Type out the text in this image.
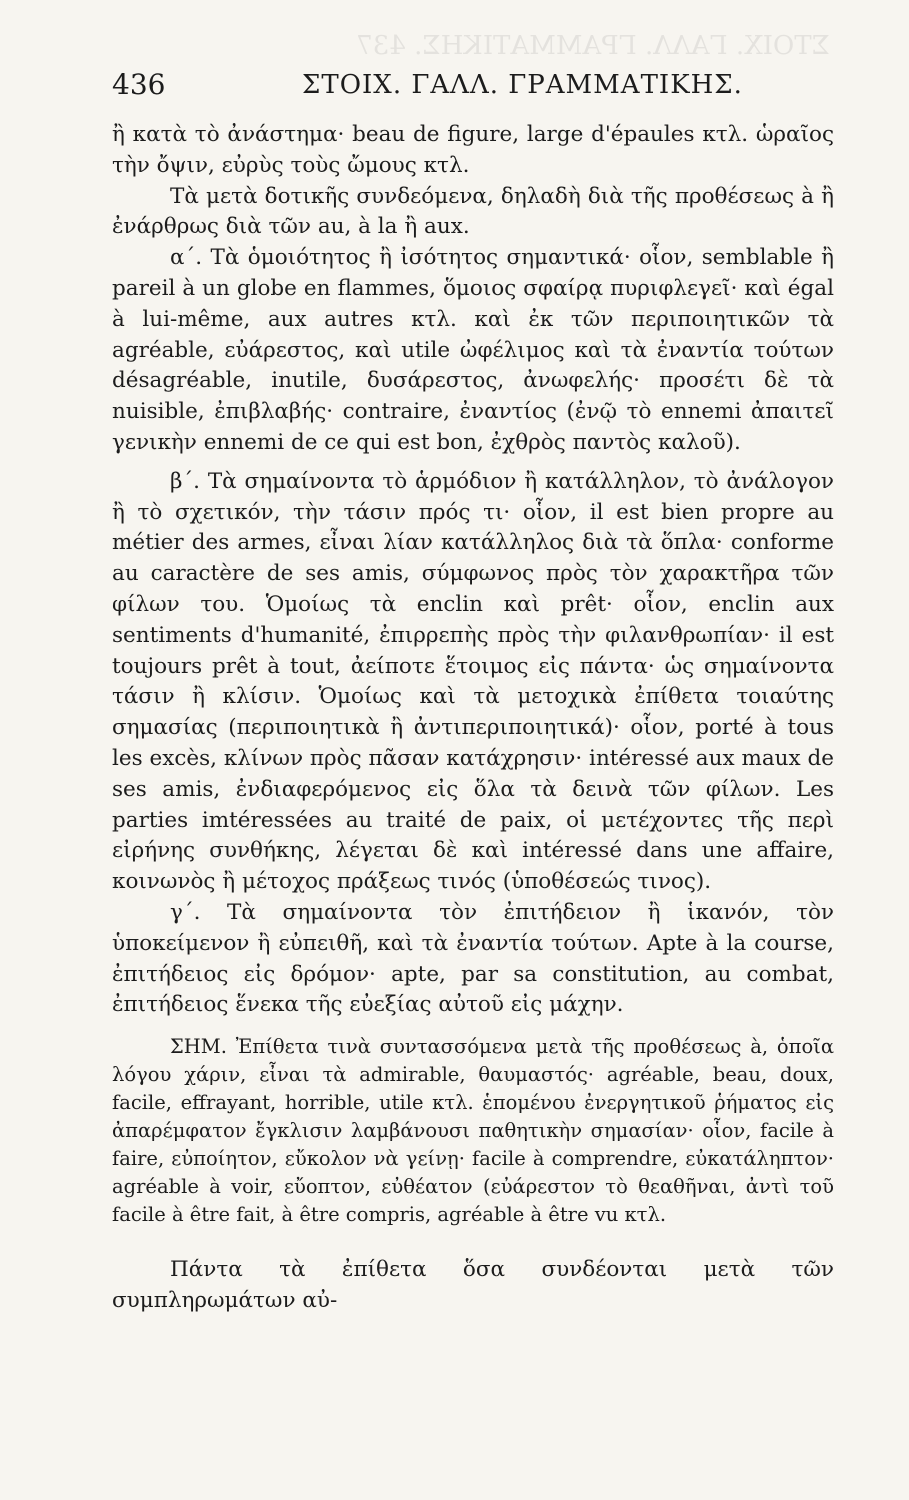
ΣΤΟΙΧ. ΓΑΛΛ. ΓΡΑΜΜΑΤΙΚΗΣ. 437
436	ΣΤΟΙΧ. ΓΑΛΛ. ΓΡΑΜΜΑΤΙΚΗΣ.

ἢ κατὰ τὸ ἀνάστημα· beau de figure, large d'épaules κτλ. ὡραῖος τὴν ὄψιν, εὐρὺς τοὺς ὤμους κτλ.

Τὰ μετὰ δοτικῆς συνδεόμενα, δηλαδὴ διὰ τῆς προθέσεως à ἢ ἐνάρθρως διὰ τῶν au, à la ἢ aux.

α΄. Τὰ ὁμοιότητος ἢ ἰσότητος σημαντικά· οἷον, semblable ἢ pareil à un globe en flammes, ὅμοιος σφαίρᾳ πυριφλεγεῖ· καὶ égal à lui-même, aux autres κτλ. καὶ ἐκ τῶν περιποιητικῶν τὰ agréable, εὐάρεστος, καὶ utile ὠφέλιμος καὶ τὰ ἐναντία τούτων désagréable, inutile, δυσάρεστος, ἀνωφελής· προσέτι δὲ τὰ nuisible, ἐπιβλαβής· contraire, ἐναντίος (ἐνῷ τὸ ennemi ἀπαιτεῖ γενικὴν ennemi de ce qui est bon, ἐχθρὸς παντὸς καλοῦ).

β΄. Τὰ σημαίνοντα τὸ ἁρμόδιον ἢ κατάλληλον, τὸ ἀνάλογον ἢ τὸ σχετικόν, τὴν τάσιν πρός τι· οἷον, il est bien propre au métier des armes, εἶναι λίαν κατάλληλος διὰ τὰ ὅπλα· conforme au caractère de ses amis, σύμφωνος πρὸς τὸν χαρακτῆρα τῶν φίλων του. Ὁμοίως τὰ enclin καὶ prêt· οἷον, enclin aux sentiments d'humanité, ἐπιρρεπὴς πρὸς τὴν φιλανθρωπίαν· il est toujours prêt à tout, ἀείποτε ἕτοιμος εἰς πάντα· ὡς σημαίνοντα τάσιν ἢ κλίσιν. Ὁμοίως καὶ τὰ μετοχικὰ ἐπίθετα τοιαύτης σημασίας (περιποιητικὰ ἢ ἀντιπεριποιητικά)· οἷον, porté à tous les excès, κλίνων πρὸς πᾶσαν κατάχρησιν· intéressé aux maux de ses amis, ἐνδιαφερόμενος εἰς ὅλα τὰ δεινὰ τῶν φίλων. Les parties imtéressées au traité de paix, οἱ μετέχοντες τῆς περὶ εἰρήνης συνθήκης, λέγεται δὲ καὶ intéressé dans une affaire, κοινωνὸς ἢ μέτοχος πράξεως τινός (ὑποθέσεώς τινος).

γ΄. Τὰ σημαίνοντα τὸν ἐπιτήδειον ἢ ἱκανόν, τὸν ὑποκείμενον ἢ εὐπειθῆ, καὶ τὰ ἐναντία τούτων. Apte à la course, ἐπιτήδειος εἰς δρόμον· apte, par sa constitution, au combat, ἐπιτήδειος ἕνεκα τῆς εὐεξίας αὐτοῦ εἰς μάχην.

ΣΗΜ. Ἐπίθετα τινὰ συντασσόμενα μετὰ τῆς προθέσεως à, ὁποῖα λόγου χάριν, εἶναι τὰ admirable, θαυμαστός· agréable, beau, doux, facile, effrayant, horrible, utile κτλ. ἑπομένου ἐνεργητικοῦ ῥήματος εἰς ἀπαρέμφατον ἔγκλισιν λαμβάνουσι παθητικὴν σημασίαν· οἷον, facile à faire, εὐποίητον, εὔκολον νὰ γείνῃ· facile à comprendre, εὐκατάληπτον· agréable à voir, εὔοπτον, εὐθέατον (εὐάρεστον τὸ θεαθῆναι, ἀντὶ τοῦ facile à être fait, à être compris, agréable à être vu κτλ.

Πάντα τὰ ἐπίθετα ὅσα συνδέονται μετὰ τῶν συμπληρωμάτων αὐ-
